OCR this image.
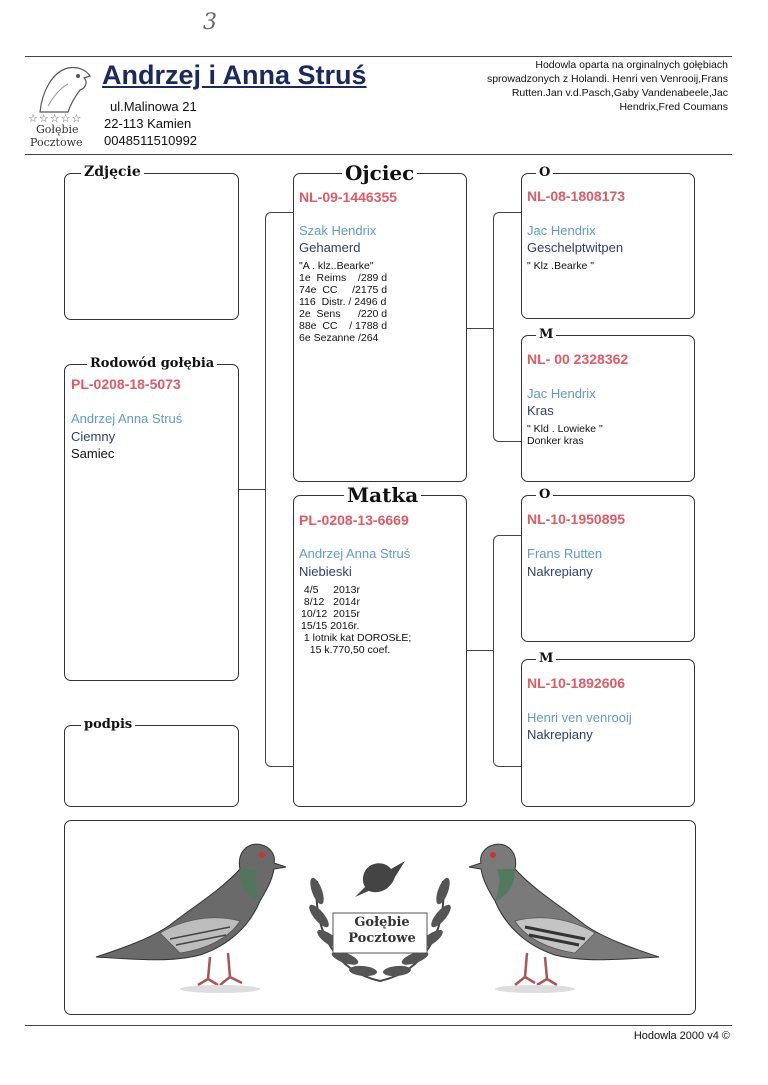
3
☆☆☆☆☆
Gołębie
Pocztowe
Andrzej i Anna Struś
ul.Malinowa 21
22-113 Kamien
0048511510992
Hodowla oparta na orginalnych gołębiach sprowadzonych z Holandi. Henri ven Venrooij,Frans Rutten.Jan v.d.Pasch,Gaby Vandenabeele,Jac Hendrix,Fred Coumans
Zdjęcie
Rodowód gołębia
PL-0208-18-5073
Andrzej Anna Struś
Ciemny
Samiec
podpis
Ojciec
NL-09-1446355
Szak Hendrix
Gehamerd
"A . klz..Bearke"
1e  Reims    /289 d
74e  CC     /2175 d
116  Distr. / 2496 d
2e  Sens      /220 d
88e  CC    / 1788 d
6e Sezanne /264
Matka
PL-0208-13-6669
Andrzej Anna Struś
Niebieski
4/5     2013r
8/12   2014r
10/12  2015r
15/15 2016r.
1 lotnik kat DOROSŁE;
15 k.770,50 coef.
O
NL-08-1808173
Jac Hendrix
Geschelptwitpen
" Klz .Bearke "
M
NL- 00 2328362
Jac Hendrix
Kras
" Kld . Lowieke "
Donker kras
O
NL-10-1950895
Frans Rutten
Nakrepiany
M
NL-10-1892606
Henri ven venrooij
Nakrepiany
Gołębie
Pocztowe
Hodowla 2000 v4 ©
